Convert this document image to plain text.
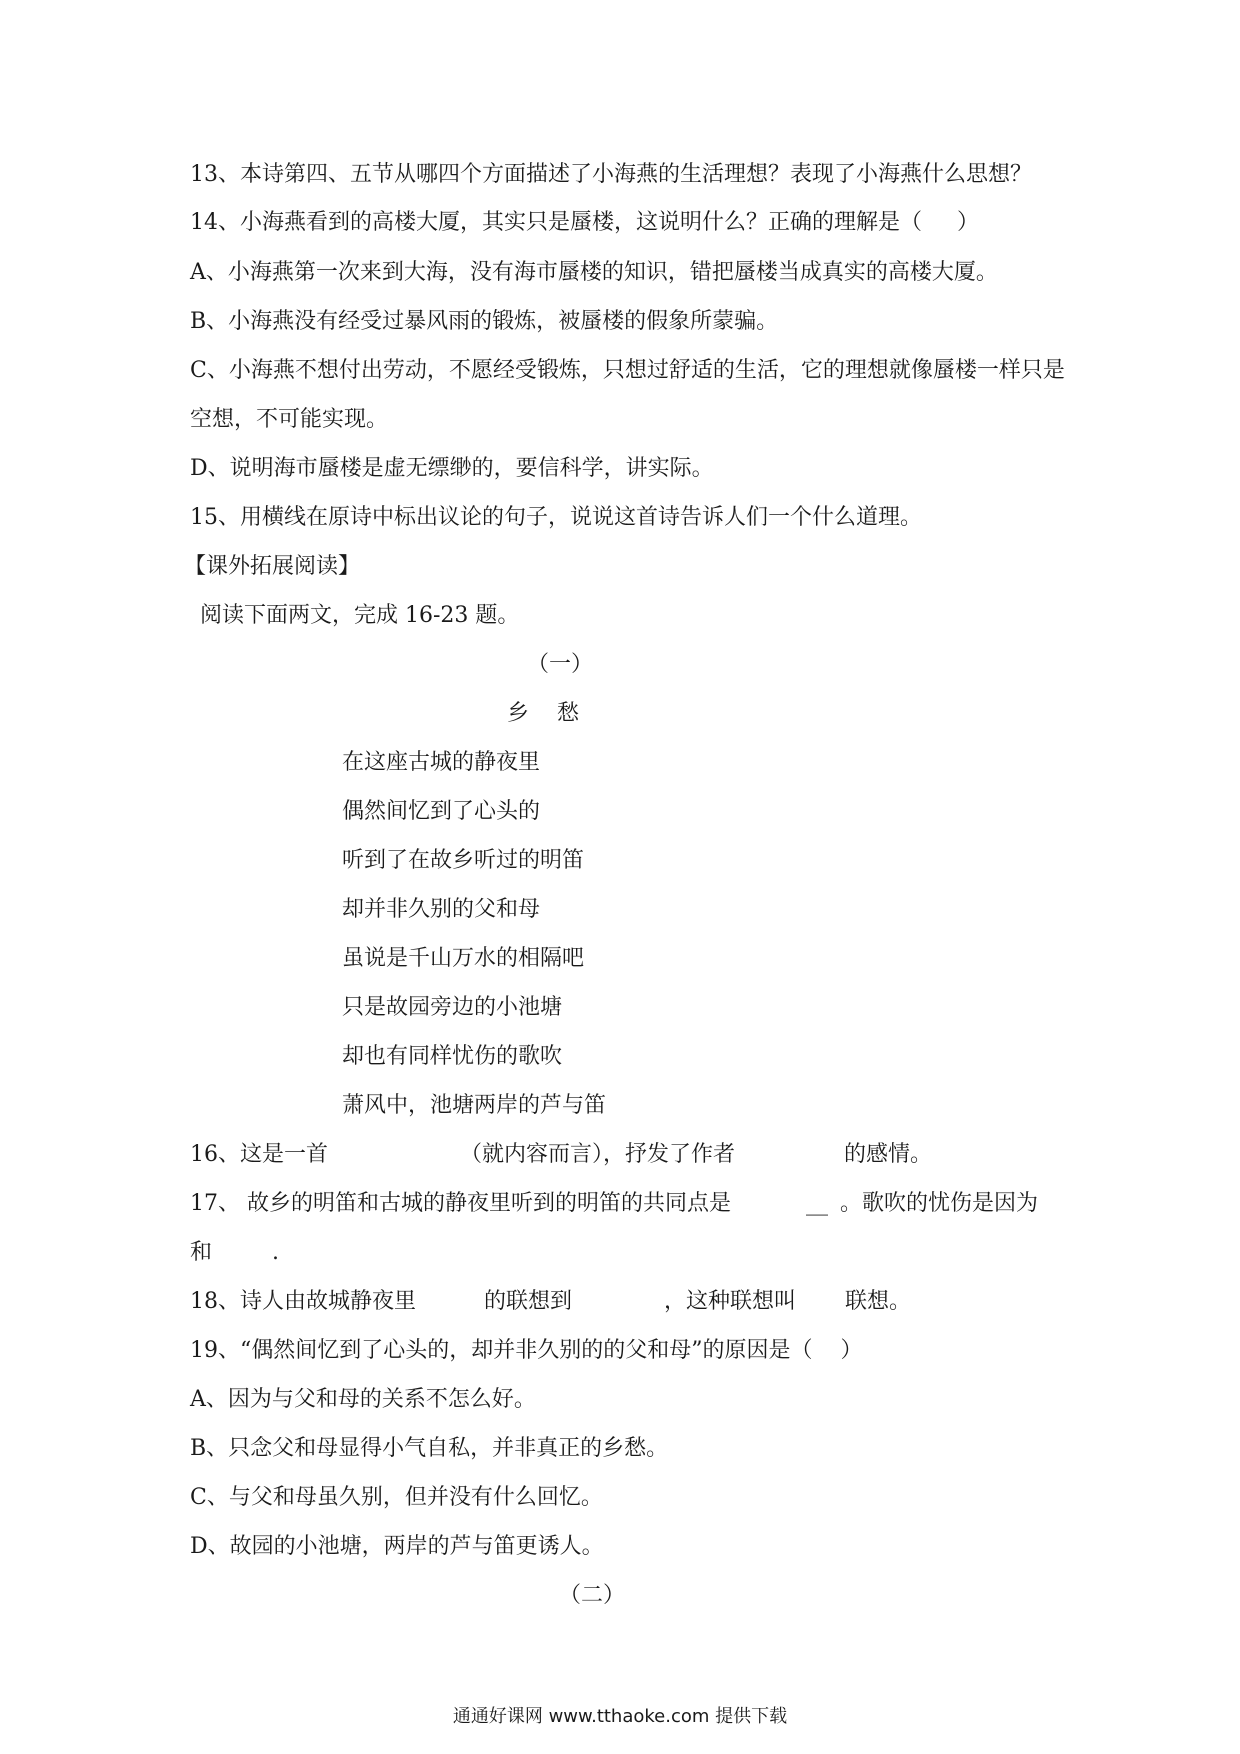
13、本诗第四、五节从哪四个方面描述了小海燕的生活理想？表现了小海燕什么思想？
14、小海燕看到的高楼大厦，其实只是蜃楼，这说明什么？正确的理解是（     ）
A、小海燕第一次来到大海，没有海市蜃楼的知识，错把蜃楼当成真实的高楼大厦。
B、小海燕没有经受过暴风雨的锻炼，被蜃楼的假象所蒙骗。
C、小海燕不想付出劳动，不愿经受锻炼，只想过舒适的生活，它的理想就像蜃楼一样只是
空想，不可能实现。
D、说明海市蜃楼是虚无缥缈的，要信科学，讲实际。
15、用横线在原诗中标出议论的句子，说说这首诗告诉人们一个什么道理。
【课外拓展阅读】
阅读下面两文，完成 16-23 题。
（一）
乡    愁
在这座古城的静夜里
偶然间忆到了心头的
听到了在故乡听过的明笛
却并非久别的父和母
虽说是千山万水的相隔吧
只是故园旁边的小池塘
却也有同样忧伤的歌吹
萧风中，池塘两岸的芦与笛
16、这是一首	（就内容而言），抒发了作者	的感情。
17、 故乡的明笛和古城的静夜里听到的明笛的共同点是	__ 。歌吹的忧伤是因为
和	.
18、诗人由故城静夜里	的联想到	，这种联想叫 联想。
19、“偶然间忆到了心头的，却并非久别的的父和母”的原因是（    ）
A、因为与父和母的关系不怎么好。
B、只念父和母显得小气自私，并非真正的乡愁。
C、与父和母虽久别，但并没有什么回忆。
D、故园的小池塘，两岸的芦与笛更诱人。
（二）
通通好课网 www.tthaoke.com 提供下载
